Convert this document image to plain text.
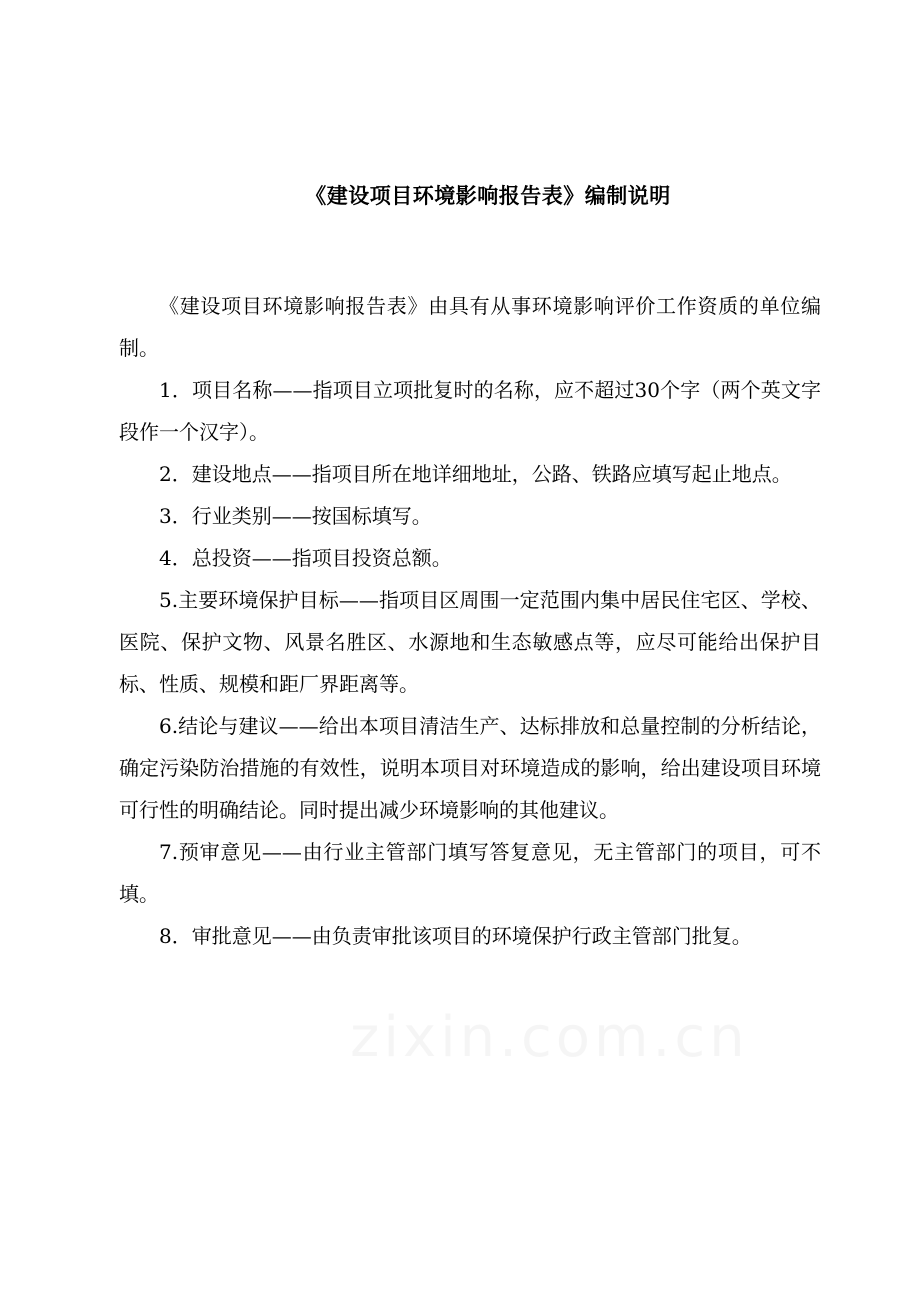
《建设项目环境影响报告表》编制说明

《建设项目环境影响报告表》由具有从事环境影响评价工作资质的单位编制。

1．项目名称——指项目立项批复时的名称，应不超过30个字（两个英文字段作一个汉字）。

2．建设地点——指项目所在地详细地址，公路、铁路应填写起止地点。

3．行业类别——按国标填写。

4．总投资——指项目投资总额。

5.主要环境保护目标——指项目区周围一定范围内集中居民住宅区、学校、医院、保护文物、风景名胜区、水源地和生态敏感点等，应尽可能给出保护目标、性质、规模和距厂界距离等。

6.结论与建议——给出本项目清洁生产、达标排放和总量控制的分析结论，确定污染防治措施的有效性，说明本项目对环境造成的影响，给出建设项目环境可行性的明确结论。同时提出减少环境影响的其他建议。

7.预审意见——由行业主管部门填写答复意见，无主管部门的项目，可不填。

8．审批意见——由负责审批该项目的环境保护行政主管部门批复。
